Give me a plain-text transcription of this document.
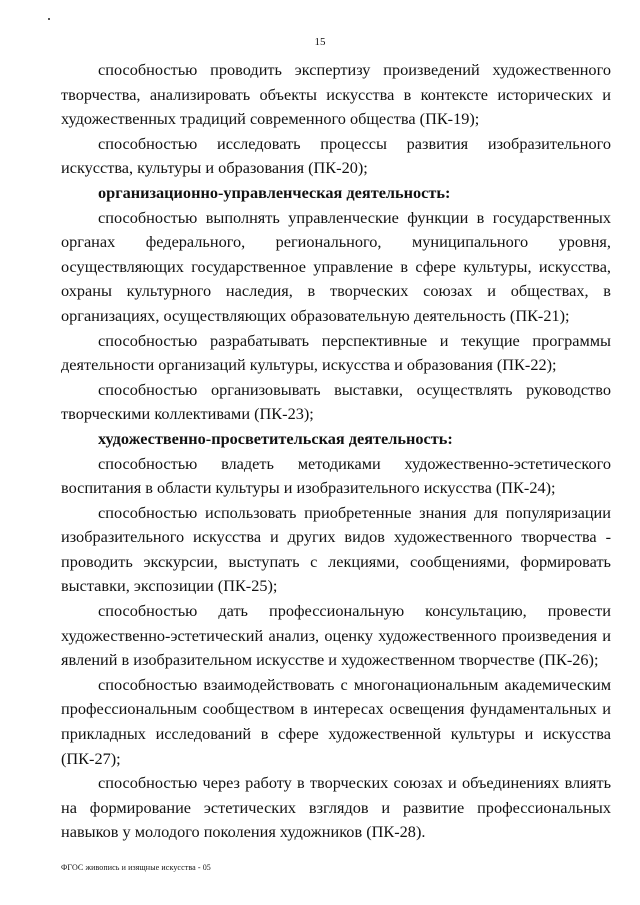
15

способностью проводить экспертизу произведений художественного творчества, анализировать объекты искусства в контексте исторических и художественных традиций современного общества (ПК-19);

способностью исследовать процессы развития изобразительного искусства, культуры и образования (ПК-20);

организационно-управленческая деятельность:

способностью выполнять управленческие функции в государственных органах федерального, регионального, муниципального уровня, осуществляющих государственное управление в сфере культуры, искусства, охраны культурного наследия, в творческих союзах и обществах, в организациях, осуществляющих образовательную деятельность (ПК-21);

способностью разрабатывать перспективные и текущие программы деятельности организаций культуры, искусства и образования (ПК-22);

способностью организовывать выставки, осуществлять руководство творческими коллективами (ПК-23);

художественно-просветительская деятельность:

способностью владеть методиками художественно-эстетического воспитания в области культуры и изобразительного искусства (ПК-24);

способностью использовать приобретенные знания для популяризации изобразительного искусства и других видов художественного творчества - проводить экскурсии, выступать с лекциями, сообщениями, формировать выставки, экспозиции (ПК-25);

способностью дать профессиональную консультацию, провести художественно-эстетический анализ, оценку художественного произведения и явлений в изобразительном искусстве и художественном творчестве (ПК-26);

способностью взаимодействовать с многонациональным академическим профессиональным сообществом в интересах освещения фундаментальных и прикладных исследований в сфере художественной культуры и искусства (ПК-27);

способностью через работу в творческих союзах и объединениях влиять на формирование эстетических взглядов и развитие профессиональных навыков у молодого поколения художников (ПК-28).

ФГОС живопись и изящные искусства - 05
